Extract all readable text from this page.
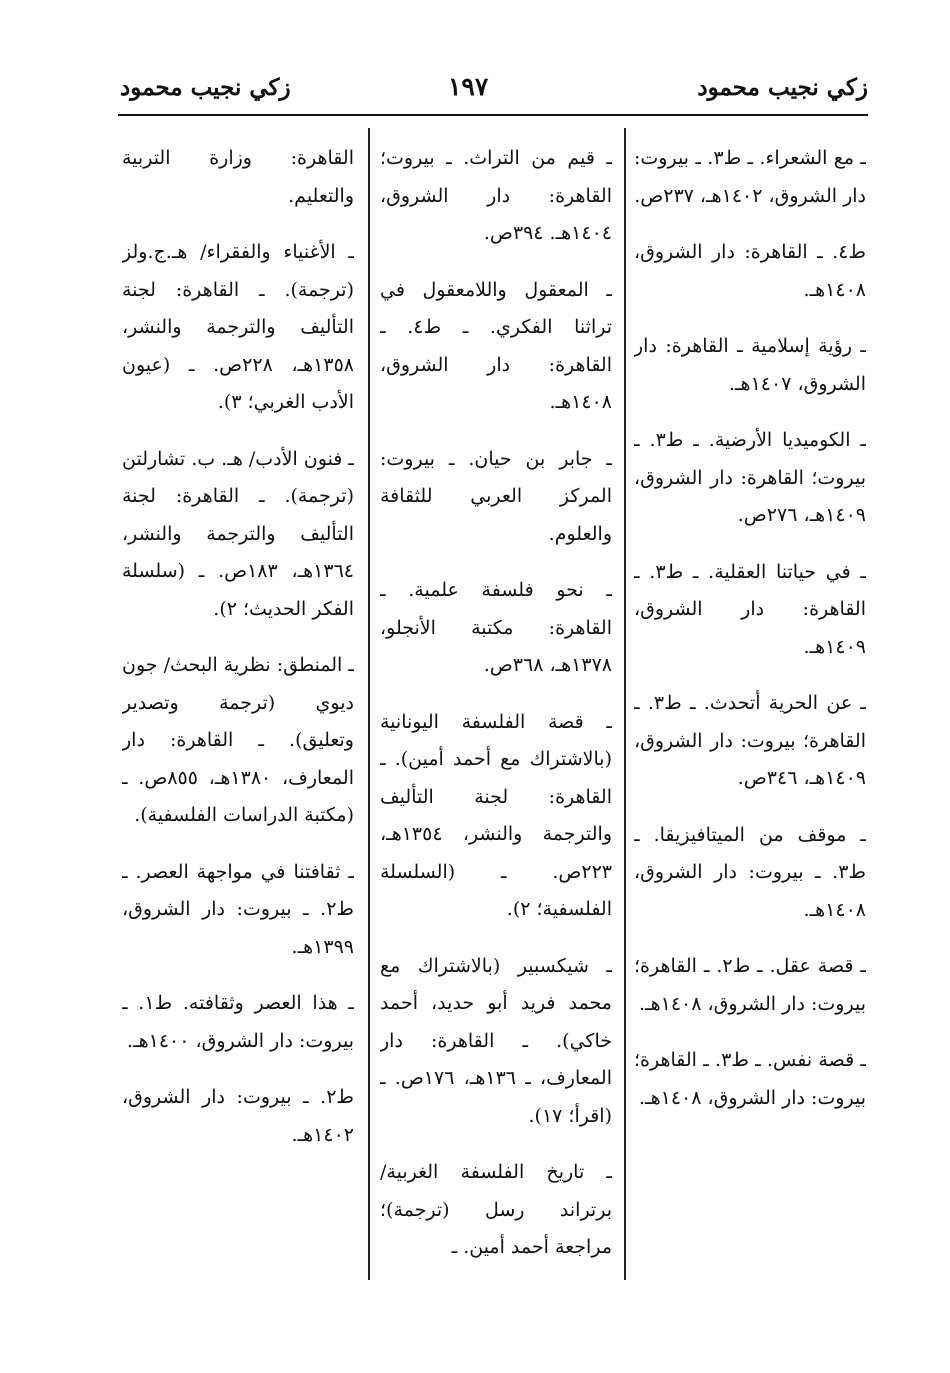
زكي نجيب محمود
١٩٧
زكي نجيب محمود

ـ مع الشعراء. ـ ط٣. ـ بيروت: دار الشروق، ١٤٠٢هـ، ٢٣٧ص.

ط٤. ـ القاهرة: دار الشروق، ١٤٠٨هـ.

ـ رؤية إسلامية ـ القاهرة: دار الشروق، ١٤٠٧هـ.

ـ الكوميديا الأرضية. ـ ط٣. ـ بيروت؛ القاهرة: دار الشروق، ١٤٠٩هـ، ٢٧٦ص.

ـ في حياتنا العقلية. ـ ط٣. ـ القاهرة: دار الشروق، ١٤٠٩هـ.

ـ عن الحرية أتحدث. ـ ط٣. ـ القاهرة؛ بيروت: دار الشروق، ١٤٠٩هـ، ٣٤٦ص.

ـ موقف من الميتافيزيقا. ـ ط٣. ـ بيروت: دار الشروق، ١٤٠٨هـ.

ـ قصة عقل. ـ ط٢. ـ القاهرة؛ بيروت: دار الشروق، ١٤٠٨هـ.

ـ قصة نفس. ـ ط٣. ـ القاهرة؛ بيروت: دار الشروق، ١٤٠٨هـ.

ـ قيم من التراث. ـ بيروت؛ القاهرة: دار الشروق، ١٤٠٤هـ. ٣٩٤ص.

ـ المعقول واللامعقول في تراثنا الفكري. ـ ط٤. ـ القاهرة: دار الشروق، ١٤٠٨هـ.

ـ جابر بن حيان. ـ بيروت: المركز العربي للثقافة والعلوم.

ـ نحو فلسفة علمية. ـ القاهرة: مكتبة الأنجلو، ١٣٧٨هـ، ٣٦٨ص.

ـ قصة الفلسفة اليونانية (بالاشتراك مع أحمد أمين). ـ القاهرة: لجنة التأليف والترجمة والنشر، ١٣٥٤هـ، ٢٢٣ص. ـ (السلسلة الفلسفية؛ ٢).

ـ شيكسبير (بالاشتراك مع محمد فريد أبو حديد، أحمد خاكي). ـ القاهرة: دار المعارف، ـ ١٣٦هـ، ١٧٦ص. ـ (اقرأ؛ ١٧).

ـ تاريخ الفلسفة الغربية/ برتراند رسل (ترجمة)؛ مراجعة أحمد أمين. ـ

القاهرة: وزارة التربية والتعليم.

ـ الأغنياء والفقراء/ هـ.ج.ولز (ترجمة). ـ القاهرة: لجنة التأليف والترجمة والنشر، ١٣٥٨هـ، ٢٢٨ص. ـ (عيون الأدب الغربي؛ ٣).

ـ فنون الأدب/ هـ. ب. تشارلتن (ترجمة). ـ القاهرة: لجنة التأليف والترجمة والنشر، ١٣٦٤هـ، ١٨٣ص. ـ (سلسلة الفكر الحديث؛ ٢).

ـ المنطق: نظرية البحث/ جون ديوي (ترجمة وتصدير وتعليق). ـ القاهرة: دار المعارف، ١٣٨٠هـ، ٨٥٥ص. ـ (مكتبة الدراسات الفلسفية).

ـ ثقافتنا في مواجهة العصر. ـ ط٢. ـ بيروت: دار الشروق، ١٣٩٩هـ.

ـ هذا العصر وثقافته. ط١. ـ بيروت: دار الشروق، ١٤٠٠هـ.

ط٢. ـ بيروت: دار الشروق، ١٤٠٢هـ.
